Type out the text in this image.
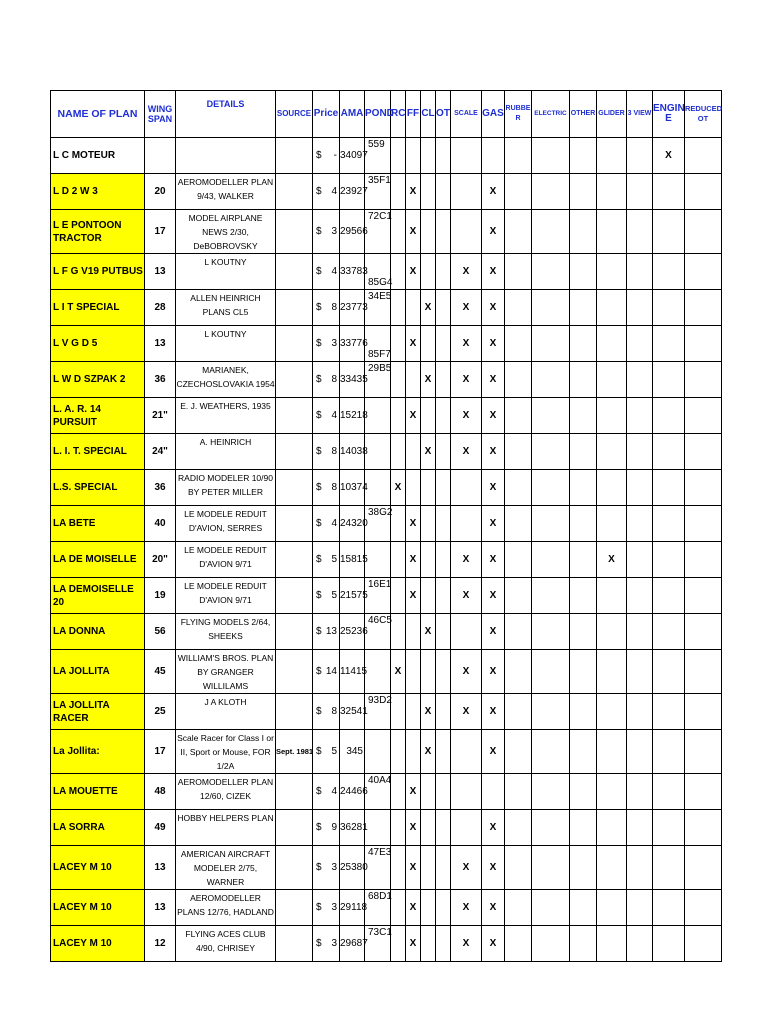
NAME OF PLAN	WING SPAN	DETAILS	SOURCE	Price	AMA	POND	RC	FF	CL	OT	SCALE	GAS	RUBBE R	ELECTRIC	OTHER	GLIDER	3 VIEW	ENGIN E	REDUCED OT
L C MOTEUR				$ -	34097	559												X	
L D 2 W 3	20	AEROMODELLER PLAN 9/43, WALKER		$ 4	23927	35F1		X				X							
L E PONTOON TRACTOR	17	MODEL AIRPLANE NEWS 2/30, DeBOBROVSKY		$ 3	29566	72C1		X				X							
L F G V19 PUTBUS	13	L KOUTNY		$ 4	33783	85G4		X			X	X							
L I T SPECIAL	28	ALLEN HEINRICH PLANS CL5		$ 8	23773	34E5			X		X	X							
L V G D 5	13	L KOUTNY		$ 3	33776	85F7		X			X	X							
L W D SZPAK 2	36	MARIANEK, CZECHOSLOVAKIA 1954		$ 8	33435	29B5			X		X	X							
L. A. R. 14 PURSUIT	21"	E. J. WEATHERS, 1935		$ 4	15218			X			X	X							
L. I. T. SPECIAL	24"	A. HEINRICH		$ 8	14038				X		X	X							
L.S. SPECIAL	36	RADIO MODELER 10/90 BY PETER MILLER		$ 8	10374		X					X							
LA BETE	40	LE MODELE REDUIT D'AVION, SERRES		$ 4	24320	38G2		X				X							
LA DE MOISELLE	20"	LE MODELE REDUIT D'AVION 9/71		$ 5	15815			X			X	X				X			
LA DEMOISELLE 20	19	LE MODELE REDUIT D'AVION 9/71		$ 5	21575	16E1		X			X	X							
LA DONNA	56	FLYING MODELS 2/64, SHEEKS		$ 13	25236	46C5			X			X							
LA JOLLITA	45	WILLIAM'S BROS. PLAN BY GRANGER WILLILAMS		$ 14	11415		X				X	X							
LA JOLLITA RACER	25	J A KLOTH		$ 8	32541	93D2			X		X	X							
La Jollita:	17	Scale Racer for Class I or II, Sport or Mouse, FOR 1/2A	Sept. 1981	$ 5	345				X			X							
LA MOUETTE	48	AEROMODELLER PLAN 12/60, CIZEK		$ 4	24466	40A4		X											
LA SORRA	49	HOBBY HELPERS PLAN		$ 9	36281			X				X							
LACEY M 10	13	AMERICAN AIRCRAFT MODELER 2/75, WARNER		$ 3	25380	47E3		X			X	X							
LACEY M 10	13	AEROMODELLER PLANS 12/76, HADLAND		$ 3	29118	68D1		X			X	X							
LACEY M 10	12	FLYING ACES CLUB 4/90, CHRISEY		$ 3	29687	73C1		X			X	X							
